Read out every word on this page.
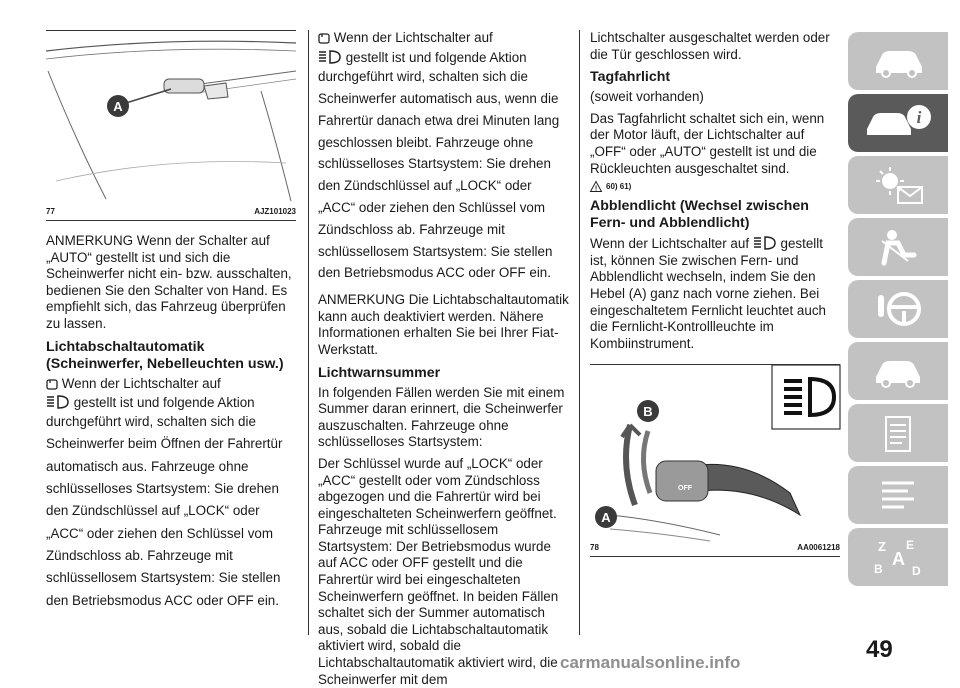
A
77	AJZ101023

ANMERKUNG Wenn der Schalter auf „AUTO“ gestellt ist und sich die Scheinwerfer nicht ein- bzw. ausschalten, bedienen Sie den Schalter von Hand. Es empfiehlt sich, das Fahrzeug überprüfen zu lassen.

Lichtabschaltautomatik (Scheinwerfer, Nebelleuchten usw.)

Wenn der Lichtschalter auf

gestellt ist und folgende Aktion

durchgeführt wird, schalten sich die Scheinwerfer beim Öffnen der Fahrertür automatisch aus. Fahrzeuge ohne schlüsselloses Startsystem: Sie drehen den Zündschlüssel auf „LOCK“ oder „ACC“ oder ziehen den Schlüssel vom Zündschloss ab. Fahrzeuge mit schlüssellosem Startsystem: Sie stellen den Betriebsmodus ACC oder OFF ein.

Wenn der Lichtschalter auf

gestellt ist und folgende Aktion

durchgeführt wird, schalten sich die Scheinwerfer automatisch aus, wenn die Fahrertür danach etwa drei Minuten lang geschlossen bleibt. Fahrzeuge ohne schlüsselloses Startsystem: Sie drehen den Zündschlüssel auf „LOCK“ oder „ACC“ oder ziehen den Schlüssel vom Zündschloss ab. Fahrzeuge mit schlüssellosem Startsystem: Sie stellen den Betriebsmodus ACC oder OFF ein.

ANMERKUNG Die Lichtabschaltautomatik kann auch deaktiviert werden. Nähere Informationen erhalten Sie bei Ihrer Fiat-Werkstatt.

Lichtwarnsummer

In folgenden Fällen werden Sie mit einem Summer daran erinnert, die Scheinwerfer auszuschalten. Fahrzeuge ohne schlüsselloses Startsystem:

Der Schlüssel wurde auf „LOCK“ oder „ACC“ gestellt oder vom Zündschloss abgezogen und die Fahrertür wird bei eingeschalteten Scheinwerfern geöffnet. Fahrzeuge mit schlüssellosem Startsystem: Der Betriebsmodus wurde auf ACC oder OFF gestellt und die Fahrertür wird bei eingeschalteten Scheinwerfern geöffnet. In beiden Fällen schaltet sich der Summer automatisch aus, sobald die Lichtabschaltautomatik aktiviert wird, sobald die Lichtabschaltautomatik aktiviert wird, die Scheinwerfer mit dem

Lichtschalter ausgeschaltet werden oder die Tür geschlossen wird.

Tagfahrlicht

(soweit vorhanden)

Das Tagfahrlicht schaltet sich ein, wenn der Motor läuft, der Lichtschalter auf „OFF“ oder „AUTO“ gestellt ist und die Rückleuchten ausgeschaltet sind.

! 60) 61)
Abblendlicht (Wechsel zwischen Fern- und Abblendlicht)

Wenn der Lichtschalter auf gestellt ist, können Sie zwischen Fern- und Abblendlicht wechseln, indem Sie den Hebel (A) ganz nach vorne ziehen. Bei eingeschaltetem Fernlicht leuchtet auch die Fernlicht-Kontrollleuchte im Kombiinstrument.

OFF
B
A
78	AA0061218
i
Z E
A
B D
49
carmanualsonline.info
